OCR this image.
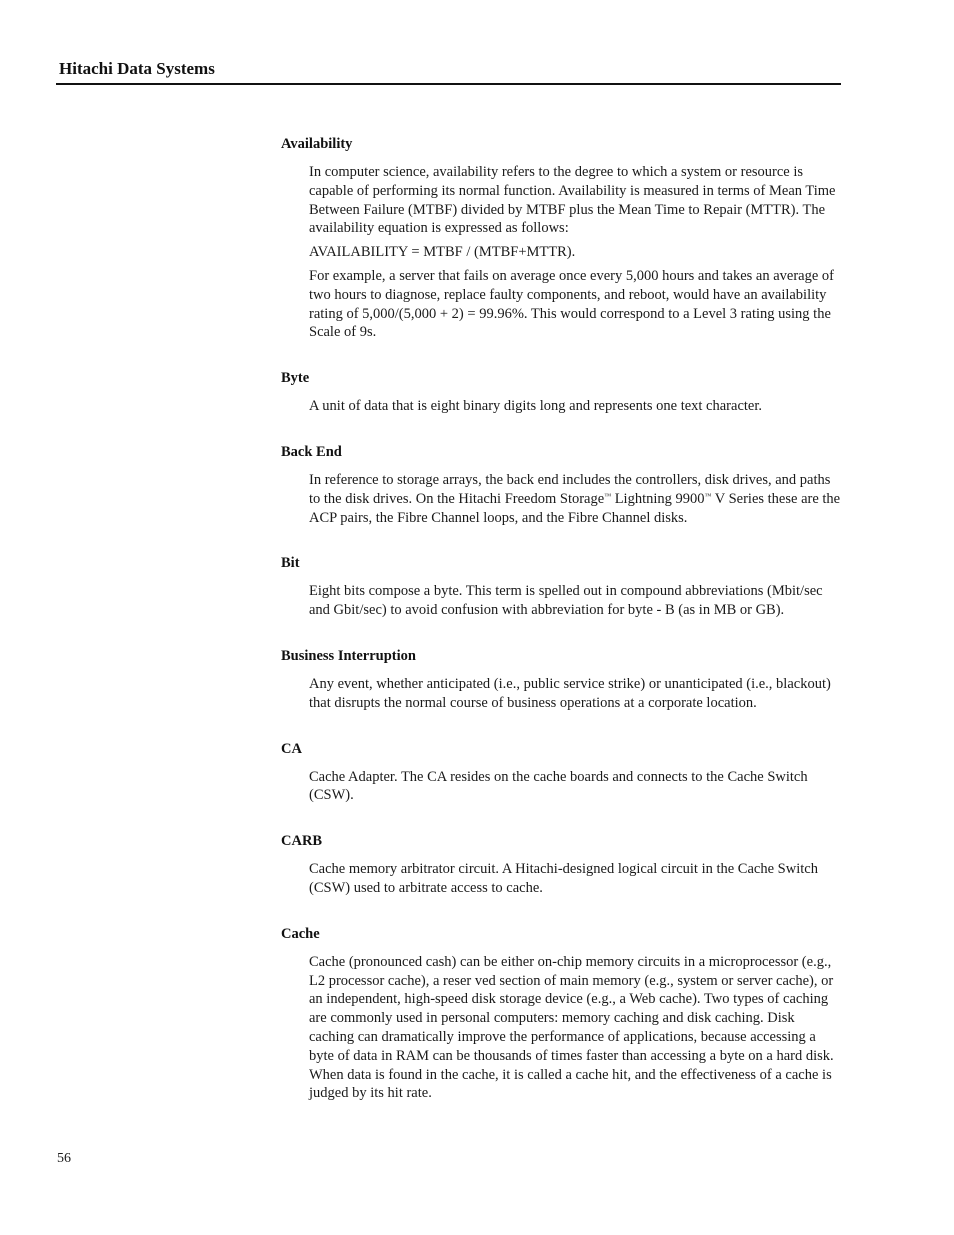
Hitachi Data Systems
Availability

In computer science, availability refers to the degree to which a system or resource is capable of performing its normal function. Availability is measured in terms of Mean Time Between Failure (MTBF) divided by MTBF plus the Mean Time to Repair (MTTR). The availability equation is expressed as follows:

AVAILABILITY = MTBF / (MTBF+MTTR).

For example, a server that fails on average once every 5,000 hours and takes an average of two hours to diagnose, replace faulty components, and reboot, would have an availability rating of 5,000/(5,000 + 2) = 99.96%. This would correspond to a Level 3 rating using the Scale of 9s.

Byte

A unit of data that is eight binary digits long and represents one text character.

Back End

In reference to storage arrays, the back end includes the controllers, disk drives, and paths to the disk drives. On the Hitachi Freedom Storage™ Lightning 9900™ V Series these are the ACP pairs, the Fibre Channel loops, and the Fibre Channel disks.

Bit

Eight bits compose a byte. This term is spelled out in compound abbreviations (Mbit/sec and Gbit/sec) to avoid confusion with abbreviation for byte - B (as in MB or GB).

Business Interruption

Any event, whether anticipated (i.e., public service strike) or unanticipated (i.e., blackout) that disrupts the normal course of business operations at a corporate location.

CA

Cache Adapter. The CA resides on the cache boards and connects to the Cache Switch (CSW).

CARB

Cache memory arbitrator circuit. A Hitachi-designed logical circuit in the Cache Switch (CSW) used to arbitrate access to cache.

Cache

Cache (pronounced cash) can be either on-chip memory circuits in a microprocessor (e.g., L2 processor cache), a reser ved section of main memory (e.g., system or server cache), or an independent, high-speed disk storage device (e.g., a Web cache). Two types of caching are commonly used in personal computers: memory caching and disk caching. Disk caching can dramatically improve the performance of applications, because accessing a byte of data in RAM can be thousands of times faster than accessing a byte on a hard disk. When data is found in the cache, it is called a cache hit, and the effectiveness of a cache is judged by its hit rate.

56
